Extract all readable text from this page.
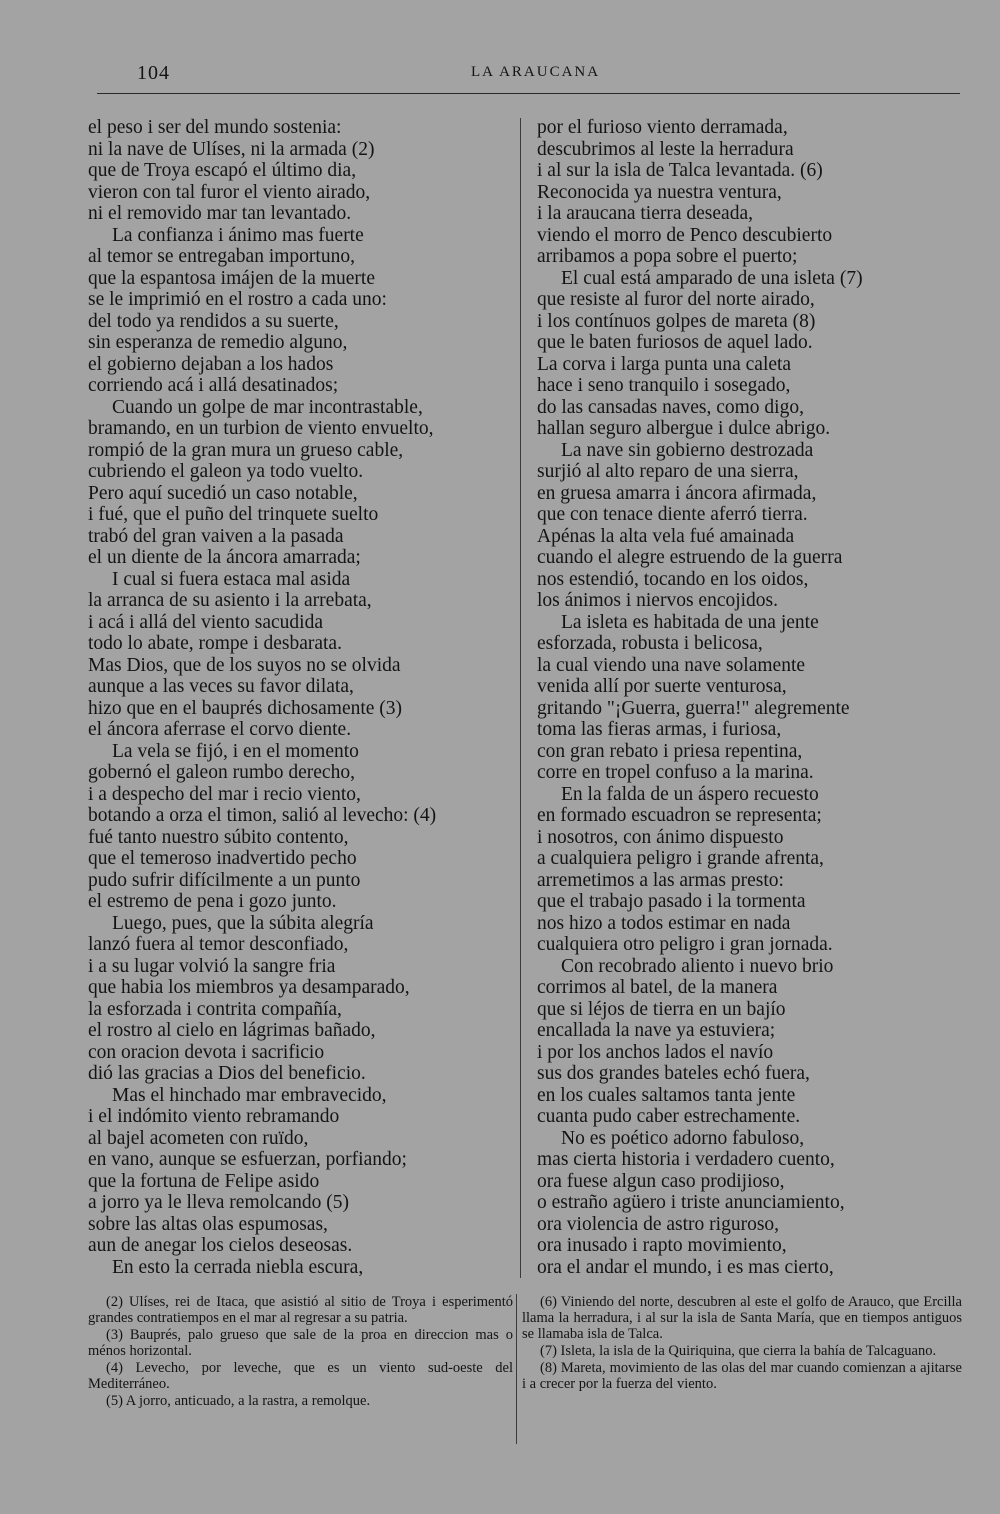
104	LA ARAUCANA
el peso i ser del mundo sostenia:
ni la nave de Ulíses, ni la armada (2)
que de Troya escapó el último dia,
vieron con tal furor el viento airado,
ni el removido mar tan levantado.
La confianza i ánimo mas fuerte
al temor se entregaban importuno,
que la espantosa imájen de la muerte
se le imprimió en el rostro a cada uno:
del todo ya rendidos a su suerte,
sin esperanza de remedio alguno,
el gobierno dejaban a los hados
corriendo acá i allá desatinados;
Cuando un golpe de mar incontrastable,
bramando, en un turbion de viento envuelto,
rompió de la gran mura un grueso cable,
cubriendo el galeon ya todo vuelto.
Pero aquí sucedió un caso notable,
i fué, que el puño del trinquete suelto
trabó del gran vaiven a la pasada
el un diente de la áncora amarrada;
I cual si fuera estaca mal asida
la arranca de su asiento i la arrebata,
i acá i allá del viento sacudida
todo lo abate, rompe i desbarata.
Mas Dios, que de los suyos no se olvida
aunque a las veces su favor dilata,
hizo que en el bauprés dichosamente (3)
el áncora aferrase el corvo diente.
La vela se fijó, i en el momento
gobernó el galeon rumbo derecho,
i a despecho del mar i recio viento,
botando a orza el timon, salió al levecho: (4)
fué tanto nuestro súbito contento,
que el temeroso inadvertido pecho
pudo sufrir difícilmente a un punto
el estremo de pena i gozo junto.
Luego, pues, que la súbita alegría
lanzó fuera al temor desconfiado,
i a su lugar volvió la sangre fria
que habia los miembros ya desamparado,
la esforzada i contrita compañía,
el rostro al cielo en lágrimas bañado,
con oracion devota i sacrificio
dió las gracias a Dios del beneficio.
Mas el hinchado mar embravecido,
i el indómito viento rebramando
al bajel acometen con ruïdo,
en vano, aunque se esfuerzan, porfiando;
que la fortuna de Felipe asido
a jorro ya le lleva remolcando (5)
sobre las altas olas espumosas,
aun de anegar los cielos deseosas.
En esto la cerrada niebla escura,
por el furioso viento derramada,
descubrimos al leste la herradura
i al sur la isla de Talca levantada. (6)
Reconocida ya nuestra ventura,
i la araucana tierra deseada,
viendo el morro de Penco descubierto
arribamos a popa sobre el puerto;
El cual está amparado de una isleta (7)
que resiste al furor del norte airado,
i los contínuos golpes de mareta (8)
que le baten furiosos de aquel lado.
La corva i larga punta una caleta
hace i seno tranquilo i sosegado,
do las cansadas naves, como digo,
hallan seguro albergue i dulce abrigo.
La nave sin gobierno destrozada
surjió al alto reparo de una sierra,
en gruesa amarra i áncora afirmada,
que con tenace diente aferró tierra.
Apénas la alta vela fué amainada
cuando el alegre estruendo de la guerra
nos estendió, tocando en los oidos,
los ánimos i niervos encojidos.
La isleta es habitada de una jente
esforzada, robusta i belicosa,
la cual viendo una nave solamente
venida allí por suerte venturosa,
gritando "¡Guerra, guerra!" alegremente
toma las fieras armas, i furiosa,
con gran rebato i priesa repentina,
corre en tropel confuso a la marina.
En la falda de un áspero recuesto
en formado escuadron se representa;
i nosotros, con ánimo dispuesto
a cualquiera peligro i grande afrenta,
arremetimos a las armas presto:
que el trabajo pasado i la tormenta
nos hizo a todos estimar en nada
cualquiera otro peligro i gran jornada.
Con recobrado aliento i nuevo brio
corrimos al batel, de la manera
que si léjos de tierra en un bajío
encallada la nave ya estuviera;
i por los anchos lados el navío
sus dos grandes bateles echó fuera,
en los cuales saltamos tanta jente
cuanta pudo caber estrechamente.
No es poético adorno fabuloso,
mas cierta historia i verdadero cuento,
ora fuese algun caso prodijioso,
o estraño agüero i triste anunciamiento,
ora violencia de astro riguroso,
ora inusado i rapto movimiento,
ora el andar el mundo, i es mas cierto,
(2) Ulíses, rei de Itaca, que asistió al sitio de Troya i esperimentó grandes contratiempos en el mar al regresar a su patria.
(3) Bauprés, palo grueso que sale de la proa en direccion mas o ménos horizontal.
(4) Levecho, por leveche, que es un viento sud-oeste del Mediterráneo.
(5) A jorro, anticuado, a la rastra, a remolque.
(6) Viniendo del norte, descubren al este el golfo de Arauco, que Ercilla llama la herradura, i al sur la isla de Santa María, que en tiempos antiguos se llamaba isla de Talca.
(7) Isleta, la isla de la Quiriquina, que cierra la bahía de Talcaguano.
(8) Mareta, movimiento de las olas del mar cuando comienzan a ajitarse i a crecer por la fuerza del viento.
